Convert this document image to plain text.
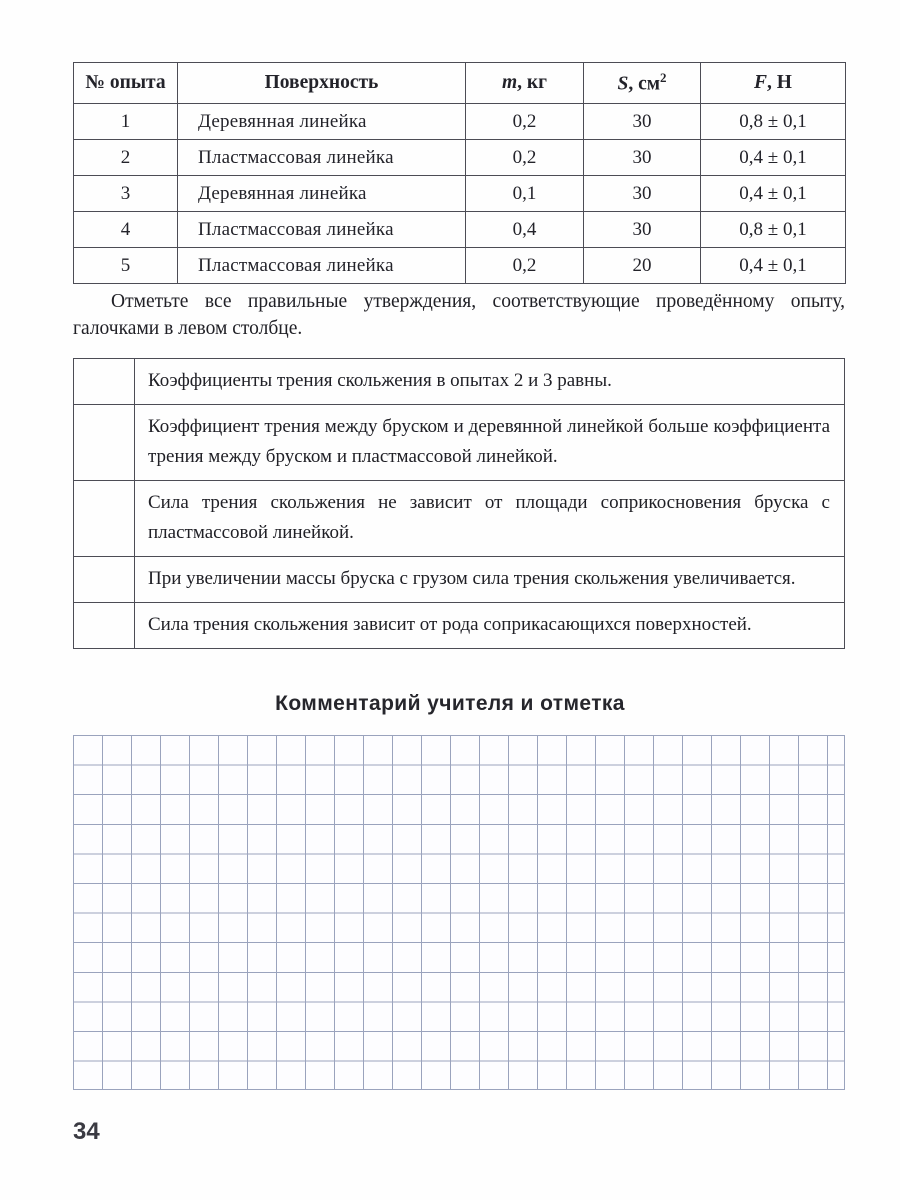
№ опыта	Поверхность	m, кг	S, $см^2$	F, Н
1	Деревянная линейка	0,2	30	0,8 ± 0,1
2	Пластмассовая линейка	0,2	30	0,4 ± 0,1
3	Деревянная линейка	0,1	30	0,4 ± 0,1
4	Пластмассовая линейка	0,4	30	0,8 ± 0,1
5	Пластмассовая линейка	0,2	20	0,4 ± 0,1
Отметьте все правильные утверждения, соответствующие проведённому опыту, галочками в левом столбце.
	Коэффициенты трения скольжения в опытах 2 и 3 равны.
	Коэффициент трения между бруском и деревянной линейкой больше коэффициента трения между бруском и пластмассовой линейкой.
	Сила трения скольжения не зависит от площади соприкосновения бруска с пластмассовой линейкой.
	При увеличении массы бруска с грузом сила трения скольжения увеличивается.
	Сила трения скольжения зависит от рода соприкасающихся поверхностей.
Комментарий учителя и отметка
34
